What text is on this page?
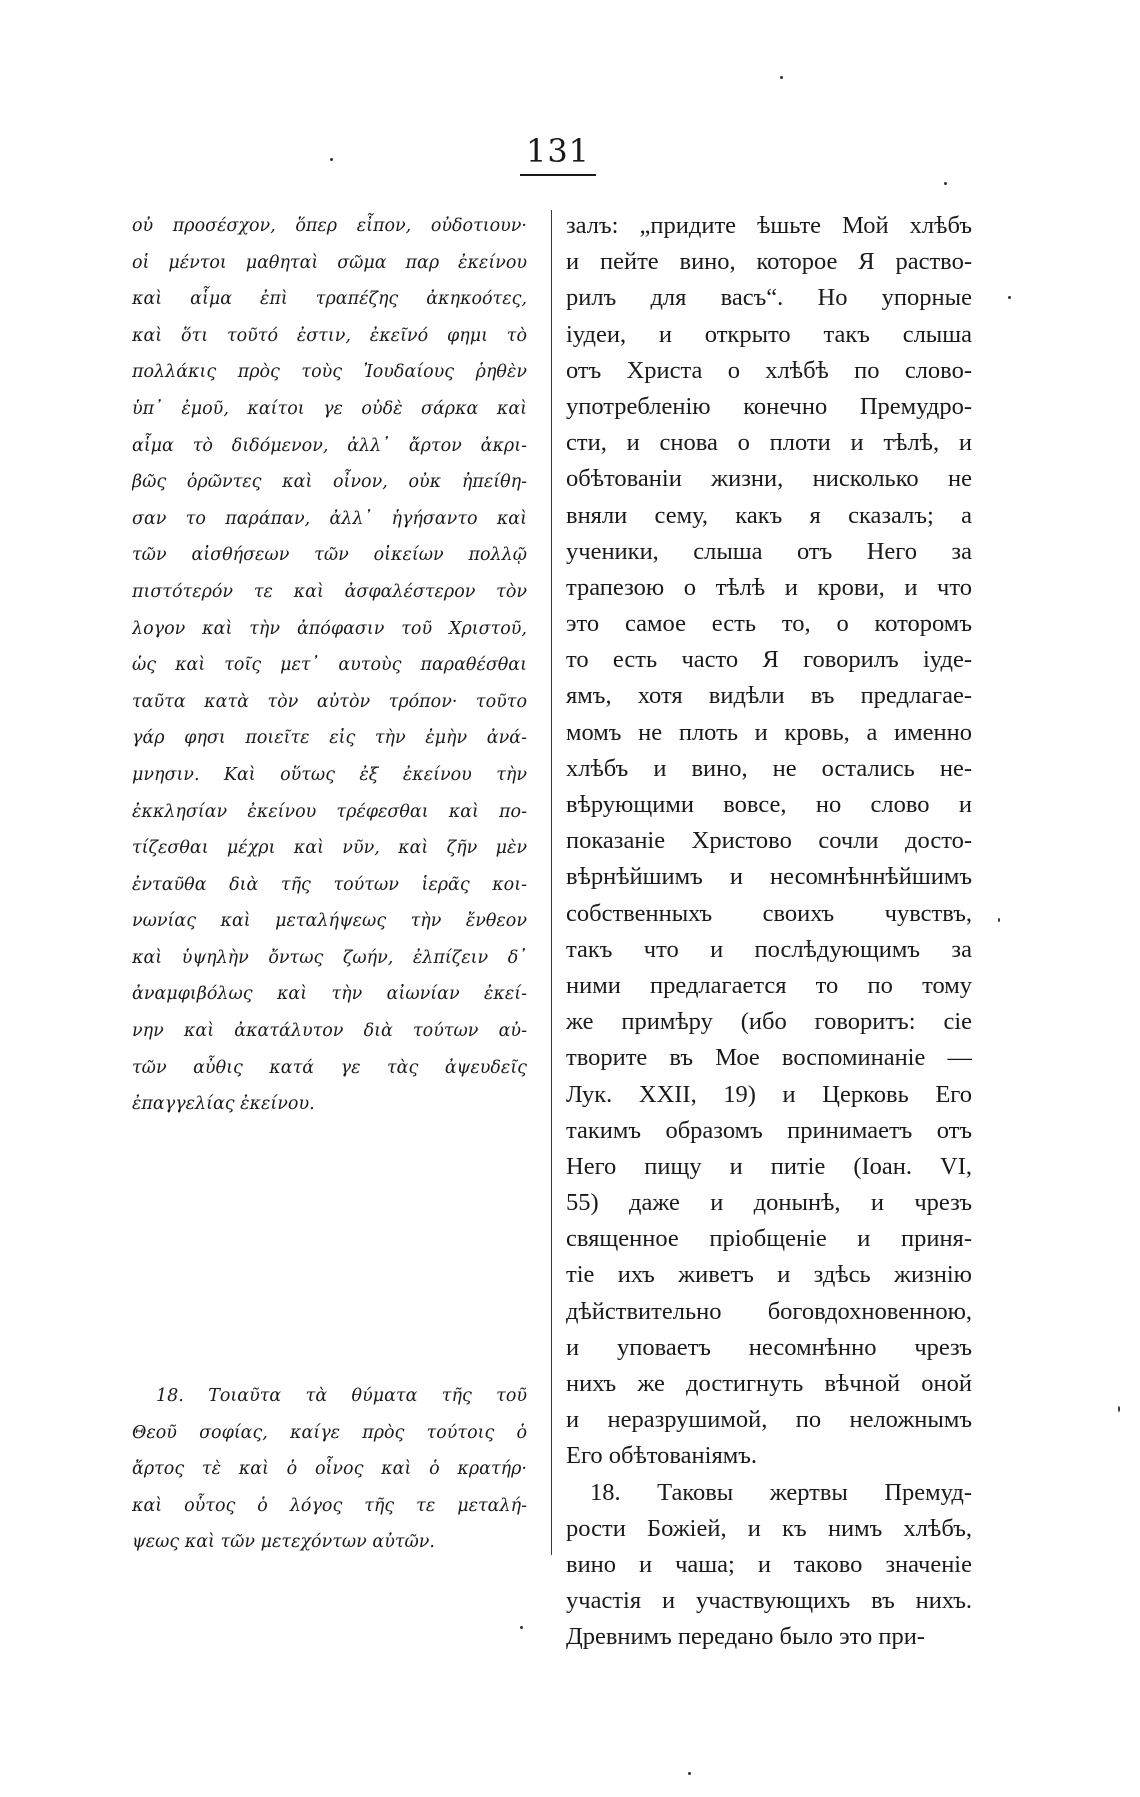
131
οὐ προσέσχον, ὅπερ εἶπον, οὐδοτιουν·
οἱ μέντοι μαθηταὶ σῶμα παρ ἐκείνου
καὶ αἷμα ἐπὶ τραπέζης ἀκηκοότες,
καὶ ὅτι τοῦτό ἐστιν, ἐκεῖνό φημι τὸ
πολλάκις πρὸς τοὺς Ἰουδαίους ῥηθὲν
ὑπ᾿ ἐμοῦ, καίτοι γε οὐδὲ σάρκα καὶ
αἷμα τὸ διδόμενον, ἀλλ᾿ ἄρτον ἀκρι-
βῶς ὁρῶντες καὶ οἶνον, οὐκ ἠπείθη-
σαν το παράπαν, ἀλλ᾿ ἡγήσαντο καὶ
τῶν αἰσθήσεων τῶν οἰκείων πολλῷ
πιστότερόν τε καὶ ἀσφαλέστερον τὸν
λογον καὶ τὴν ἀπόφασιν τοῦ Χριστοῦ,
ὡς καὶ τοῖς μετ᾿ αυτοὺς παραθέσθαι
ταῦτα κατὰ τὸν αὐτὸν τρόπον· τοῦτο
γάρ φησι ποιεῖτε εἰς τὴν ἐμὴν ἀνά-
μνησιν. Καὶ οὕτως ἐξ ἐκείνου τὴν
ἐκκλησίαν ἐκείνου τρέφεσθαι καὶ πο-
τίζεσθαι μέχρι καὶ νῦν, καὶ ζῆν μὲν
ἐνταῦθα διὰ τῆς τούτων ἱερᾶς κοι-
νωνίας καὶ μεταλήψεως τὴν ἔνθεον
καὶ ὑψηλὴν ὄντως ζωήν, ἐλπίζειν δ᾿
ἀναμφιβόλως καὶ τὴν αἰωνίαν ἐκεί-
νην καὶ ἀκατάλυτον διὰ τούτων αὐ-
τῶν αὖθις κατά γε τὰς ἀψευδεῖς
ἐπαγγελίας ἐκείνου.
18. Τοιαῦτα τὰ θύματα τῆς τοῦ
Θεοῦ σοφίας, καίγε πρὸς τούτοις ὁ
ἄρτος τὲ καὶ ὁ οἶνος καὶ ὁ κρατήρ·
καὶ οὗτος ὁ λόγος τῆς τε μεταλή-
ψεως καὶ τῶν μετεχόντων αὐτῶν.
залъ: „придите ѣшьте Мой хлѣбъ
и пейте вино, которое Я раство-
рилъ для васъ“. Но упорные
іудеи, и открыто такъ слыша
отъ Христа о хлѣбѣ по слово-
употребленію конечно Премудро-
сти, и снова о плоти и тѣлѣ, и
обѣтованіи жизни, нисколько не
вняли сему, какъ я сказалъ; а
ученики, слыша отъ Него за
трапезою о тѣлѣ и крови, и что
это самое есть то, о которомъ
то есть часто Я говорилъ іуде-
ямъ, хотя видѣли въ предлагае-
момъ не плоть и кровь, а именно
хлѣбъ и вино, не остались не-
вѣрующими вовсе, но слово и
показаніе Христово сочли досто-
вѣрнѣйшимъ и несомнѣннѣйшимъ
собственныхъ своихъ чувствъ,
такъ что и послѣдующимъ за
ними предлагается то по тому
же примѣру (ибо говоритъ: сіе
творите въ Мое воспоминаніе —
Лук. XXII, 19) и Церковь Его
такимъ образомъ принимаетъ отъ
Него пищу и питіе (Іоан. VI,
55) даже и донынѣ, и чрезъ
священное пріобщеніе и приня-
тіе ихъ живетъ и здѣсь жизнію
дѣйствительно боговдохновенною,
и уповаетъ несомнѣнно чрезъ
нихъ же достигнуть вѣчной оной
и неразрушимой, по неложнымъ
Его обѣтованіямъ.
18. Таковы жертвы Премуд-
рости Божіей, и къ нимъ хлѣбъ,
вино и чаша; и таково значеніе
участія и участвующихъ въ нихъ.
Древнимъ передано было это при-
